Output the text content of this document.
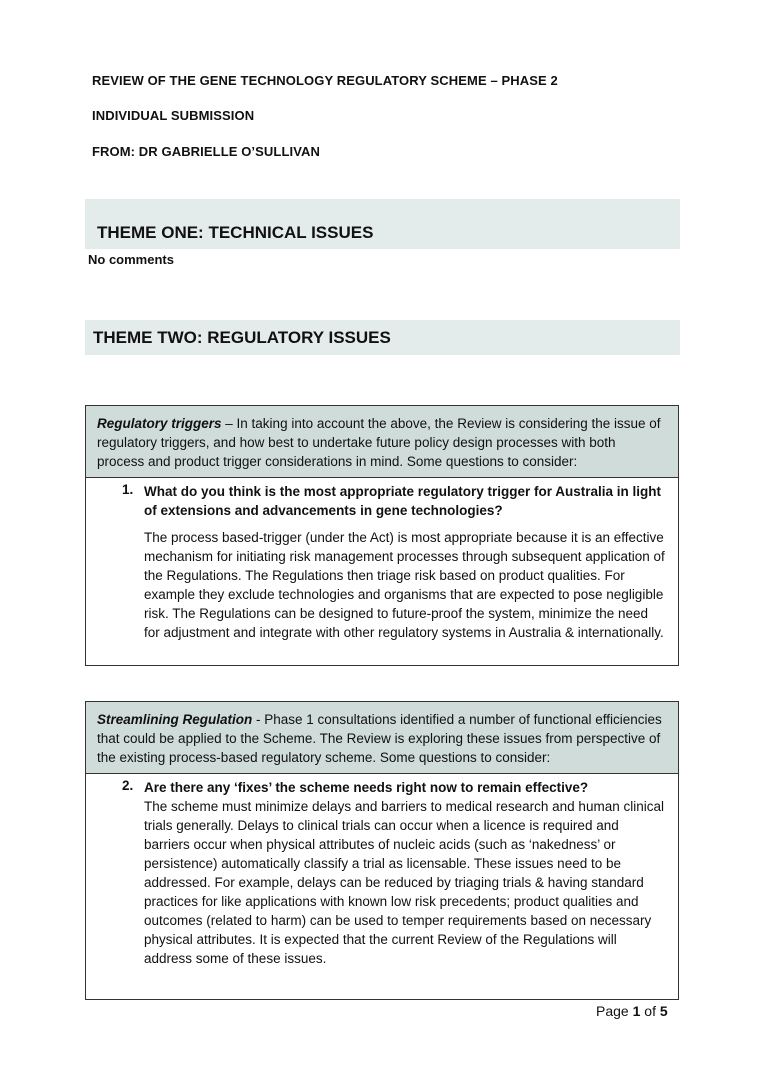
REVIEW OF THE GENE TECHNOLOGY REGULATORY SCHEME – PHASE 2
INDIVIDUAL SUBMISSION
FROM: DR GABRIELLE O’SULLIVAN
THEME ONE: TECHNICAL ISSUES
No comments
THEME TWO: REGULATORY ISSUES
Regulatory triggers – In taking into account the above, the Review is considering the issue of regulatory triggers, and how best to undertake future policy design processes with both process and product trigger considerations in mind. Some questions to consider:
1. What do you think is the most appropriate regulatory trigger for Australia in light of extensions and advancements in gene technologies?
The process based-trigger (under the Act) is most appropriate because it is an effective mechanism for initiating risk management processes through subsequent application of the Regulations. The Regulations then triage risk based on product qualities. For example they exclude technologies and organisms that are expected to pose negligible risk. The Regulations can be designed to future-proof the system, minimize the need for adjustment and integrate with other regulatory systems in Australia & internationally.
Streamlining Regulation - Phase 1 consultations identified a number of functional efficiencies that could be applied to the Scheme. The Review is exploring these issues from perspective of the existing process-based regulatory scheme. Some questions to consider:
2. Are there any ‘fixes’ the scheme needs right now to remain effective?
The scheme must minimize delays and barriers to medical research and human clinical trials generally. Delays to clinical trials can occur when a licence is required and barriers occur when physical attributes of nucleic acids (such as ‘nakedness’ or persistence) automatically classify a trial as licensable. These issues need to be addressed. For example, delays can be reduced by triaging trials & having standard practices for like applications with known low risk precedents; product qualities and outcomes (related to harm) can be used to temper requirements based on necessary physical attributes. It is expected that the current Review of the Regulations will address some of these issues.
Page 1 of 5
